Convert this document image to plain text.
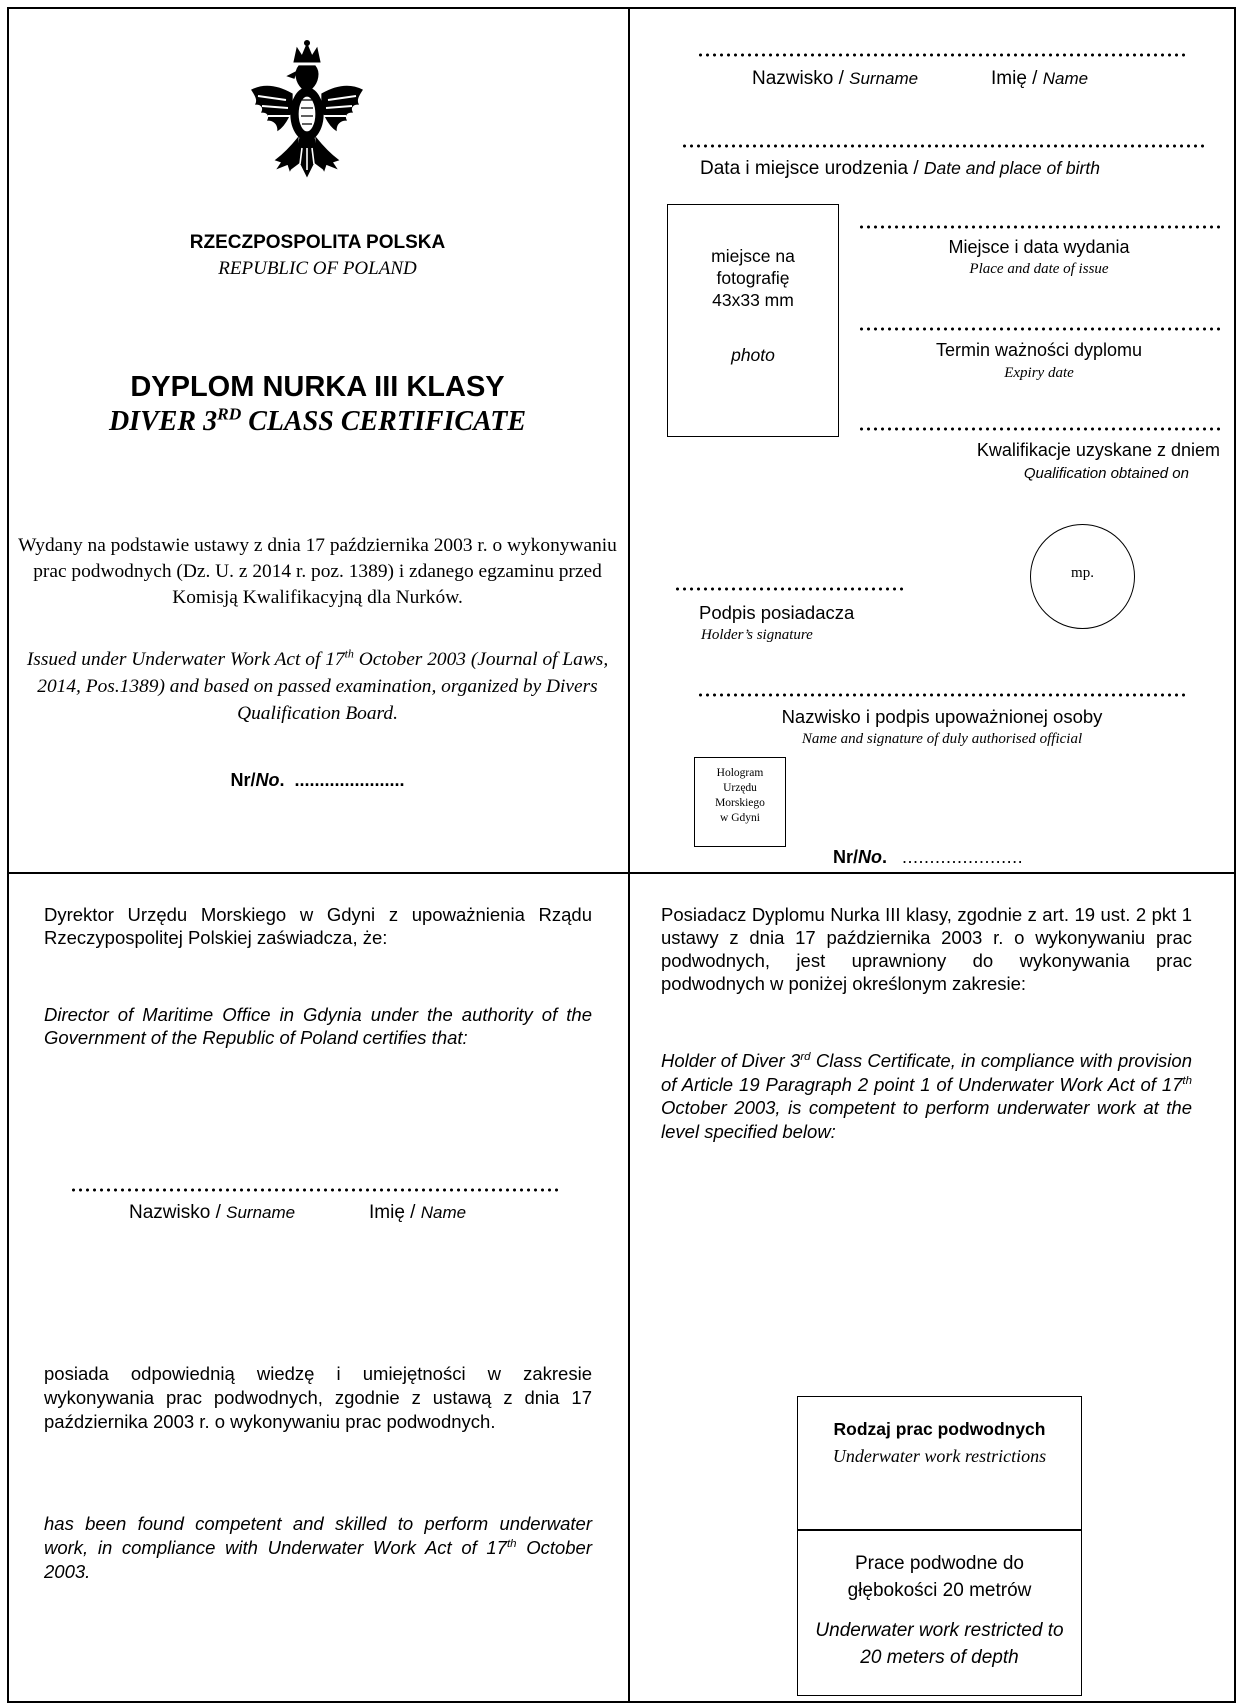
RZECZPOSPOLITA POLSKA
REPUBLIC OF POLAND
DYPLOM NURKA III KLASY
DIVER 3RD CLASS CERTIFICATE
Wydany na podstawie ustawy z dnia 17 października 2003 r. o wykonywaniu prac podwodnych (Dz. U. z 2014 r. poz. 1389) i zdanego egzaminu przed Komisją Kwalifikacyjną dla Nurków.
Issued under Underwater Work Act of 17th October 2003 (Journal of Laws, 2014, Pos.1389) and based on passed examination, organized by Divers Qualification Board.
Nr/No. ......................
Nazwisko / Surname	Imię / Name
Data i miejsce urodzenia / Date and place of birth
miejsce na
fotografię
43x33 mm
photo
Miejsce i data wydania
Place and date of issue
Termin ważności dyplomu
Expiry date
Kwalifikacje uzyskane z dniem
Qualification obtained on
mp.
Podpis posiadacza
Holder’s signature
Nazwisko i podpis upoważnionej osoby
Name and signature of duly authorised official
Hologram
Urzędu
Morskiego
w Gdyni
Nr/No. ......................
Dyrektor Urzędu Morskiego w Gdyni z upoważnienia Rządu Rzeczypospolitej Polskiej zaświadcza, że:
Director of Maritime Office in Gdynia under the authority of the Government of the Republic of Poland certifies that:
Nazwisko / Surname	Imię / Name
posiada odpowiednią wiedzę i umiejętności w zakresie wykonywania prac podwodnych, zgodnie z ustawą z dnia 17 października 2003 r. o wykonywaniu prac podwodnych.
has been found competent and skilled to perform underwater work, in compliance with Underwater Work Act of 17th October 2003.
Posiadacz Dyplomu Nurka III klasy, zgodnie z art. 19 ust. 2 pkt 1 ustawy z dnia 17 października 2003 r. o wykonywaniu prac podwodnych, jest uprawniony do wykonywania prac podwodnych w poniżej określonym zakresie:
Holder of Diver 3rd Class Certificate, in compliance with provision of Article 19 Paragraph 2 point 1 of Underwater Work Act of 17th October 2003, is competent to perform underwater work at the level specified below:
Rodzaj prac podwodnych
Underwater work restrictions
Prace podwodne do głębokości 20 metrów
Underwater work restricted to 20 meters of depth
